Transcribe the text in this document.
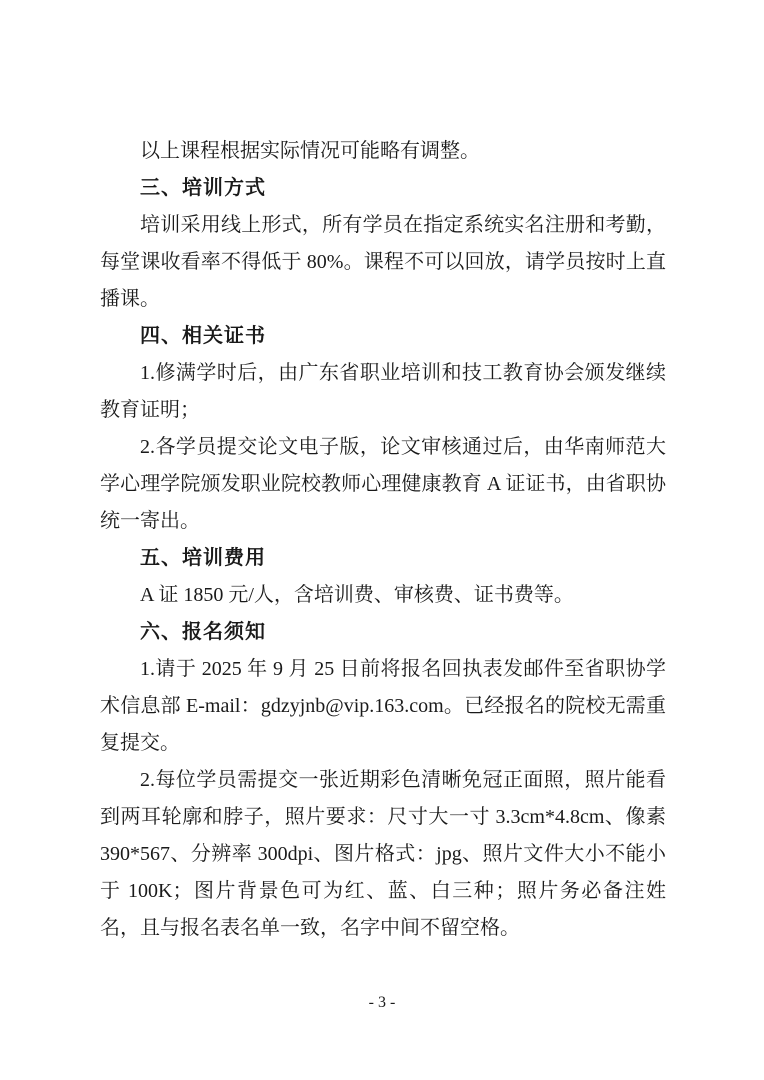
以上课程根据实际情况可能略有调整。

三、培训方式

培训采用线上形式，所有学员在指定系统实名注册和考勤，每堂课收看率不得低于 80%。课程不可以回放，请学员按时上直播课。

四、相关证书

1.修满学时后，由广东省职业培训和技工教育协会颁发继续教育证明；

2.各学员提交论文电子版，论文审核通过后，由华南师范大学心理学院颁发职业院校教师心理健康教育 A 证证书，由省职协统一寄出。

五、培训费用

A 证 1850 元/人，含培训费、审核费、证书费等。

六、报名须知

1.请于 2025 年 9 月 25 日前将报名回执表发邮件至省职协学术信息部 E-mail：gdzyjnb@vip.163.com。已经报名的院校无需重复提交。

2.每位学员需提交一张近期彩色清晰免冠正面照，照片能看到两耳轮廓和脖子，照片要求：尺寸大一寸 3.3cm*4.8cm、像素 390*567、分辨率 300dpi、图片格式：jpg、照片文件大小不能小于 100K；图片背景色可为红、蓝、白三种；照片务必备注姓名，且与报名表名单一致，名字中间不留空格。

- 3 -
